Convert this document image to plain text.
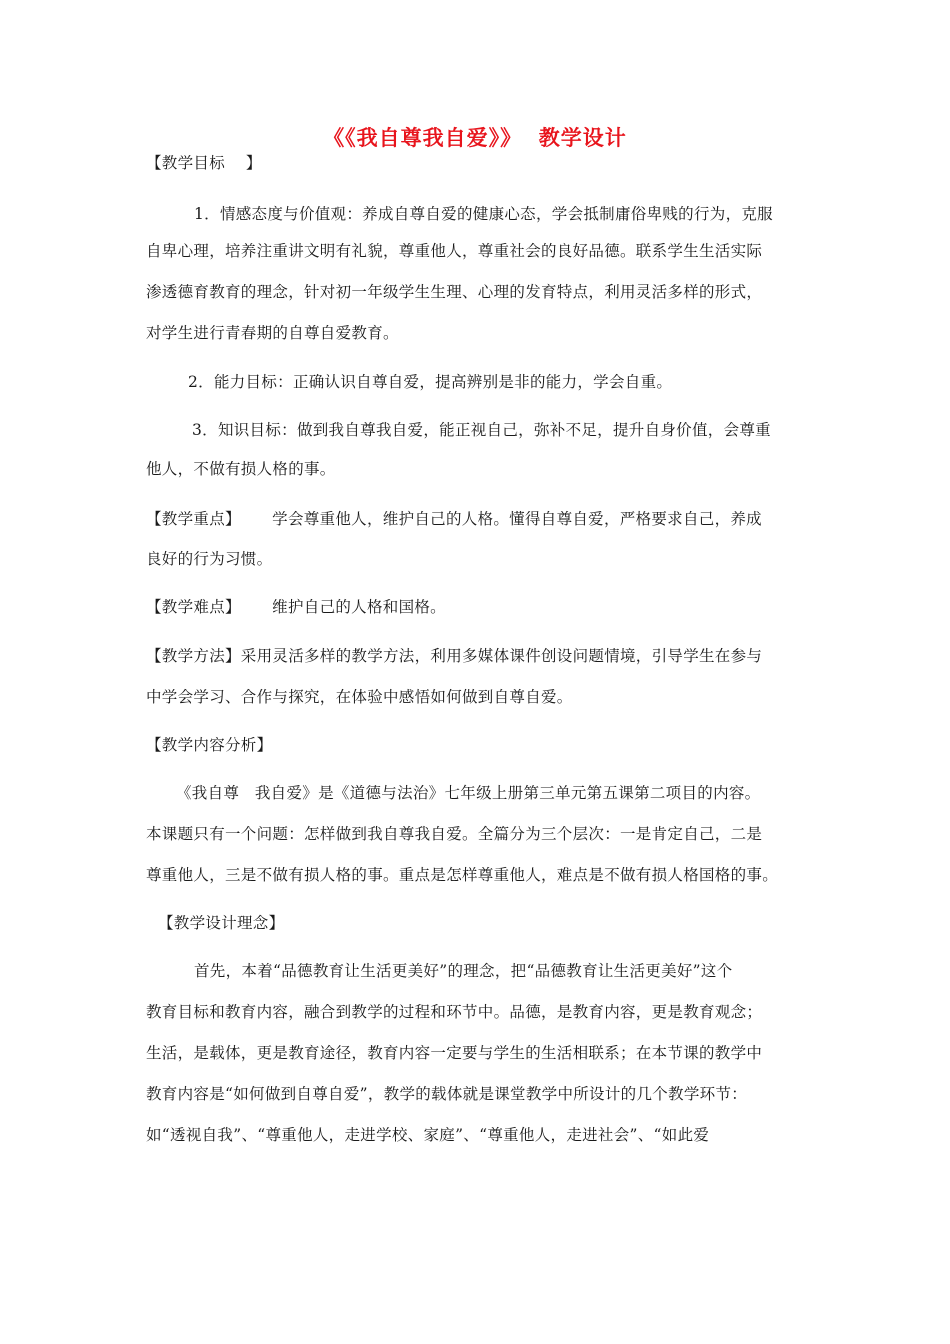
《《我自尊我自爱》》  教学设计
【教学目标    】
1．情感态度与价值观：养成自尊自爱的健康心态，学会抵制庸俗卑贱的行为，克服
自卑心理，培养注重讲文明有礼貌，尊重他人，尊重社会的良好品德。联系学生生活实际
渗透德育教育的理念，针对初一年级学生生理、心理的发育特点，利用灵活多样的形式，
对学生进行青春期的自尊自爱教育。
2．能力目标：正确认识自尊自爱，提高辨别是非的能力，学会自重。
3．知识目标：做到我自尊我自爱，能正视自己，弥补不足，提升自身价值，会尊重
他人，不做有损人格的事。
【教学重点】      学会尊重他人，维护自己的人格。懂得自尊自爱，严格要求自己，养成
良好的行为习惯。
【教学难点】      维护自己的人格和国格。
【教学方法】采用灵活多样的教学方法，利用多媒体课件创设问题情境，引导学生在参与
中学会学习、合作与探究，在体验中感悟如何做到自尊自爱。
【教学内容分析】
《我自尊   我自爱》是《道德与法治》七年级上册第三单元第五课第二项目的内容。
本课题只有一个问题：怎样做到我自尊我自爱。全篇分为三个层次：一是肯定自己，二是
尊重他人，三是不做有损人格的事。重点是怎样尊重他人，难点是不做有损人格国格的事。
【教学设计理念】
首先，本着“品德教育让生活更美好”的理念，把“品德教育让生活更美好”这个
教育目标和教育内容，融合到教学的过程和环节中。品德，是教育内容，更是教育观念；
生活，是载体，更是教育途径，教育内容一定要与学生的生活相联系；在本节课的教学中
教育内容是“如何做到自尊自爱”，教学的载体就是课堂教学中所设计的几个教学环节：
如“透视自我”、“尊重他人，走进学校、家庭”、“尊重他人，走进社会”、“如此爱
